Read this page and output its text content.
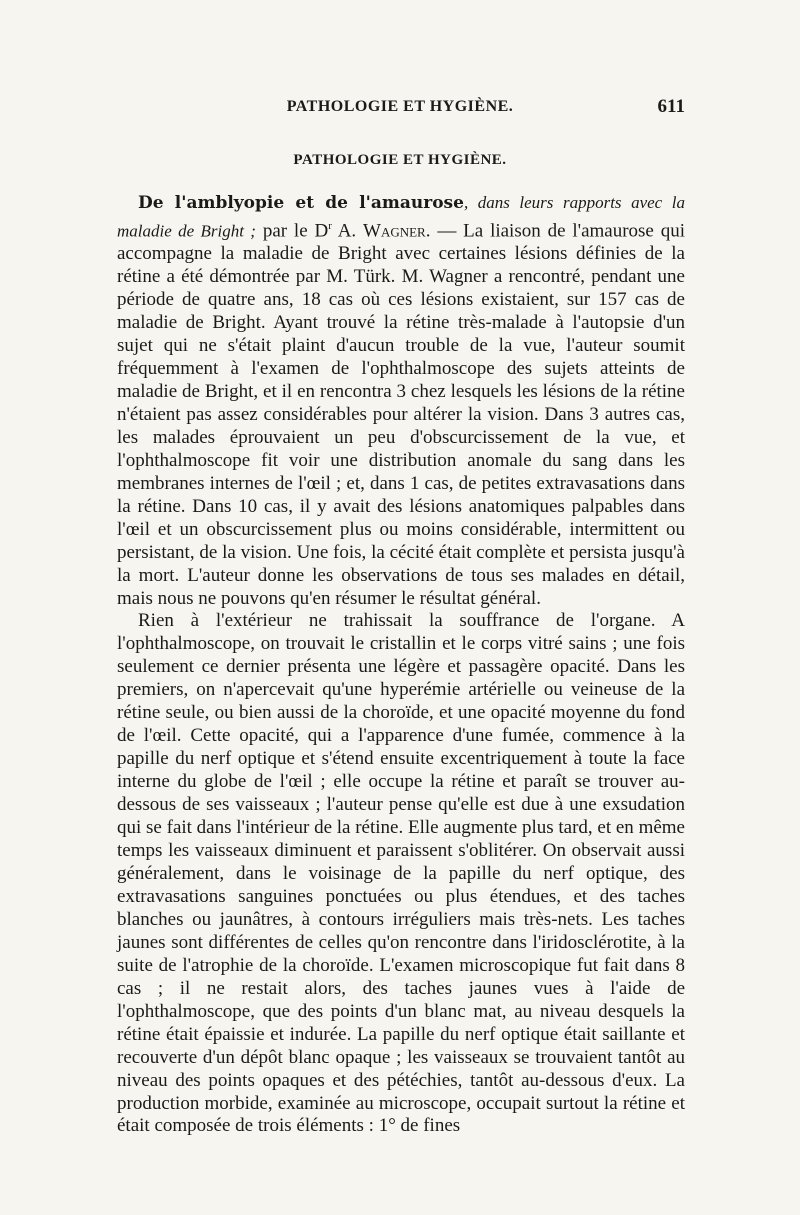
PATHOLOGIE ET HYGIÈNE.	611
PATHOLOGIE ET HYGIÈNE.

De l'amblyopie et de l'amaurose, dans leurs rapports avec la maladie de Bright ; par le $D^r$ A. Wagner. — La liaison de l'amaurose qui accompagne la maladie de Bright avec certaines lésions définies de la rétine a été démontrée par M. Türk. M. Wagner a rencontré, pendant une période de quatre ans, 18 cas où ces lésions existaient, sur 157 cas de maladie de Bright. Ayant trouvé la rétine très-malade à l'autopsie d'un sujet qui ne s'était plaint d'aucun trouble de la vue, l'auteur soumit fréquemment à l'examen de l'ophthalmoscope des sujets atteints de maladie de Bright, et il en rencontra 3 chez lesquels les lésions de la rétine n'étaient pas assez considérables pour altérer la vision. Dans 3 autres cas, les malades éprouvaient un peu d'obscurcissement de la vue, et l'ophthalmoscope fit voir une distribution anomale du sang dans les membranes internes de l'œil ; et, dans 1 cas, de petites extravasations dans la rétine. Dans 10 cas, il y avait des lésions anatomiques palpables dans l'œil et un obscurcissement plus ou moins considérable, intermittent ou persistant, de la vision. Une fois, la cécité était complète et persista jusqu'à la mort. L'auteur donne les observations de tous ses malades en détail, mais nous ne pouvons qu'en résumer le résultat général.

Rien à l'extérieur ne trahissait la souffrance de l'organe. A l'ophthalmoscope, on trouvait le cristallin et le corps vitré sains ; une fois seulement ce dernier présenta une légère et passagère opacité. Dans les premiers, on n'apercevait qu'une hyperémie artérielle ou veineuse de la rétine seule, ou bien aussi de la choroïde, et une opacité moyenne du fond de l'œil. Cette opacité, qui a l'apparence d'une fumée, commence à la papille du nerf optique et s'étend ensuite excentriquement à toute la face interne du globe de l'œil ; elle occupe la rétine et paraît se trouver au-dessous de ses vaisseaux ; l'auteur pense qu'elle est due à une exsudation qui se fait dans l'intérieur de la rétine. Elle augmente plus tard, et en même temps les vaisseaux diminuent et paraissent s'oblitérer. On observait aussi généralement, dans le voisinage de la papille du nerf optique, des extravasations sanguines ponctuées ou plus étendues, et des taches blanches ou jaunâtres, à contours irréguliers mais très-nets. Les taches jaunes sont différentes de celles qu'on rencontre dans l'iridosclérotite, à la suite de l'atrophie de la choroïde. L'examen microscopique fut fait dans 8 cas ; il ne restait alors, des taches jaunes vues à l'aide de l'ophthalmoscope, que des points d'un blanc mat, au niveau desquels la rétine était épaissie et indurée. La papille du nerf optique était saillante et recouverte d'un dépôt blanc opaque ; les vaisseaux se trouvaient tantôt au niveau des points opaques et des pétéchies, tantôt au-dessous d'eux. La production morbide, examinée au microscope, occupait surtout la rétine et était composée de trois éléments : 1° de fines
